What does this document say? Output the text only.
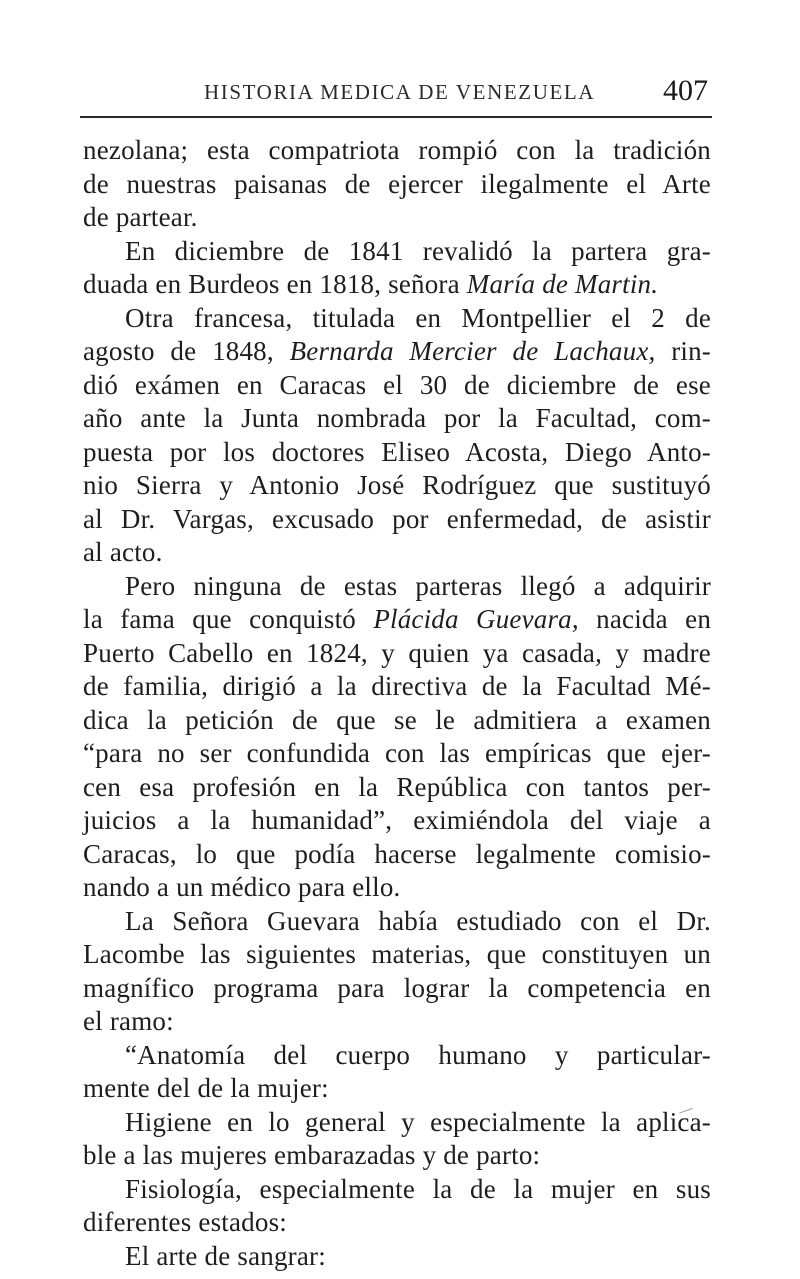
HISTORIA MEDICA DE VENEZUELA 407
nezolana; esta compatriota rompió con la tradición
de nuestras paisanas de ejercer ilegalmente el Arte
de partear.
En diciembre de 1841 revalidó la partera gra-
duada en Burdeos en 1818, señora María de Martin.
Otra francesa, titulada en Montpellier el 2 de
agosto de 1848, Bernarda Mercier de Lachaux, rin-
dió exámen en Caracas el 30 de diciembre de ese
año ante la Junta nombrada por la Facultad, com-
puesta por los doctores Eliseo Acosta, Diego Anto-
nio Sierra y Antonio José Rodríguez que sustituyó
al Dr. Vargas, excusado por enfermedad, de asistir
al acto.
Pero ninguna de estas parteras llegó a adquirir
la fama que conquistó Plácida Guevara, nacida en
Puerto Cabello en 1824, y quien ya casada, y madre
de familia, dirigió a la directiva de la Facultad Mé-
dica la petición de que se le admitiera a examen
“para no ser confundida con las empíricas que ejer-
cen esa profesión en la República con tantos per-
juicios a la humanidad”, eximiéndola del viaje a
Caracas, lo que podía hacerse legalmente comisio-
nando a un médico para ello.
La Señora Guevara había estudiado con el Dr.
Lacombe las siguientes materias, que constituyen un
magnífico programa para lograr la competencia en
el ramo:
“Anatomía del cuerpo humano y particular-
mente del de la mujer:
Higiene en lo general y especialmente la aplica-
ble a las mujeres embarazadas y de parto:
Fisiología, especialmente la de la mujer en sus
diferentes estados:
El arte de sangrar:
